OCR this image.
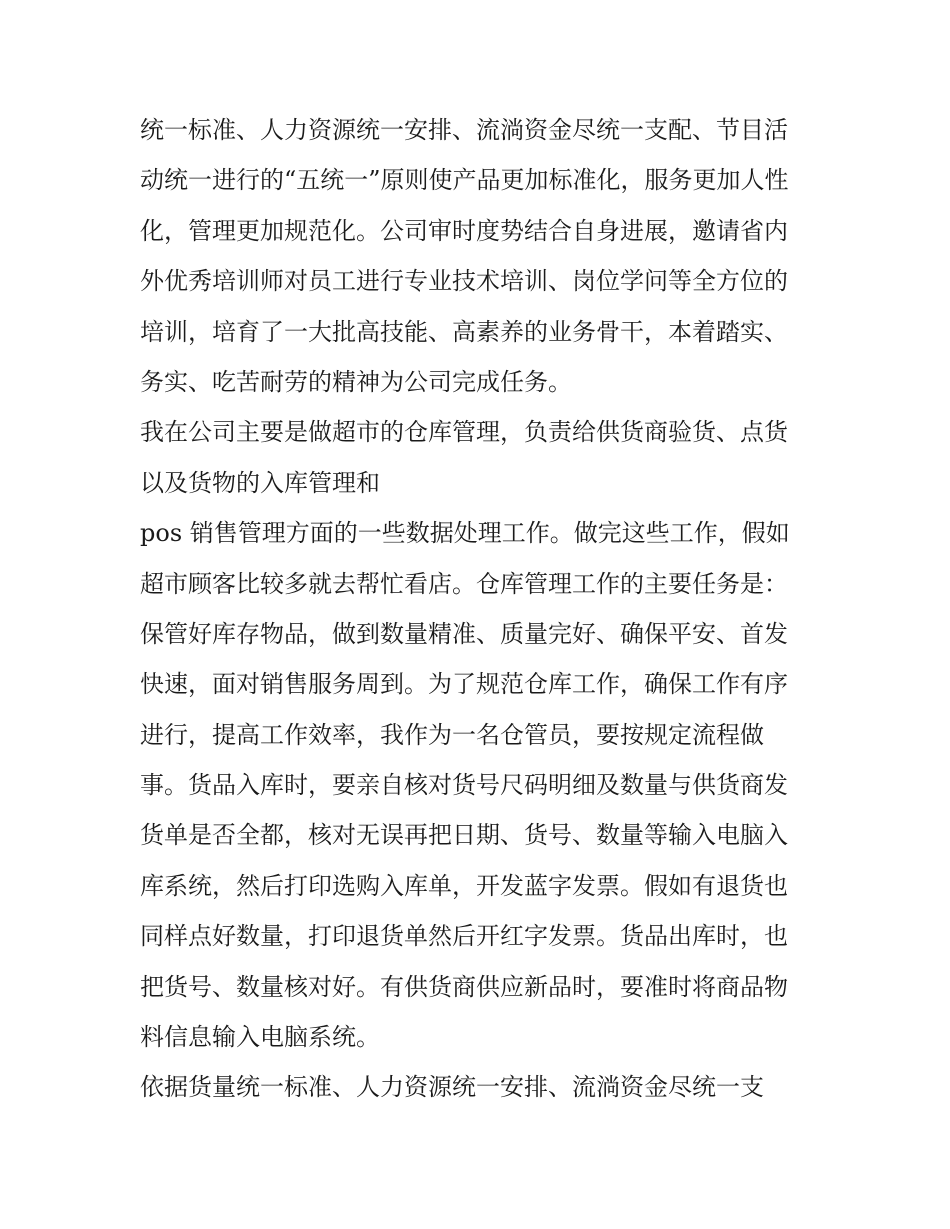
统一标准、人力资源统一安排、流淌资金尽统一支配、节目活
动统一进行的“五统一”原则使产品更加标准化，服务更加人性
化，管理更加规范化。公司审时度势结合自身进展，邀请省内
外优秀培训师对员工进行专业技术培训、岗位学问等全方位的
培训，培育了一大批高技能、高素养的业务骨干，本着踏实、
务实、吃苦耐劳的精神为公司完成任务。
我在公司主要是做超市的仓库管理，负责给供货商验货、点货
以及货物的入库管理和
pos 销售管理方面的一些数据处理工作。做完这些工作，假如
超市顾客比较多就去帮忙看店。仓库管理工作的主要任务是：
保管好库存物品，做到数量精准、质量完好、确保平安、首发
快速，面对销售服务周到。为了规范仓库工作，确保工作有序
进行，提高工作效率，我作为一名仓管员，要按规定流程做
事。货品入库时，要亲自核对货号尺码明细及数量与供货商发
货单是否全都，核对无误再把日期、货号、数量等输入电脑入
库系统，然后打印选购入库单，开发蓝字发票。假如有退货也
同样点好数量，打印退货单然后开红字发票。货品出库时，也
把货号、数量核对好。有供货商供应新品时，要准时将商品物
料信息输入电脑系统。
依据货量统一标准、人力资源统一安排、流淌资金尽统一支
